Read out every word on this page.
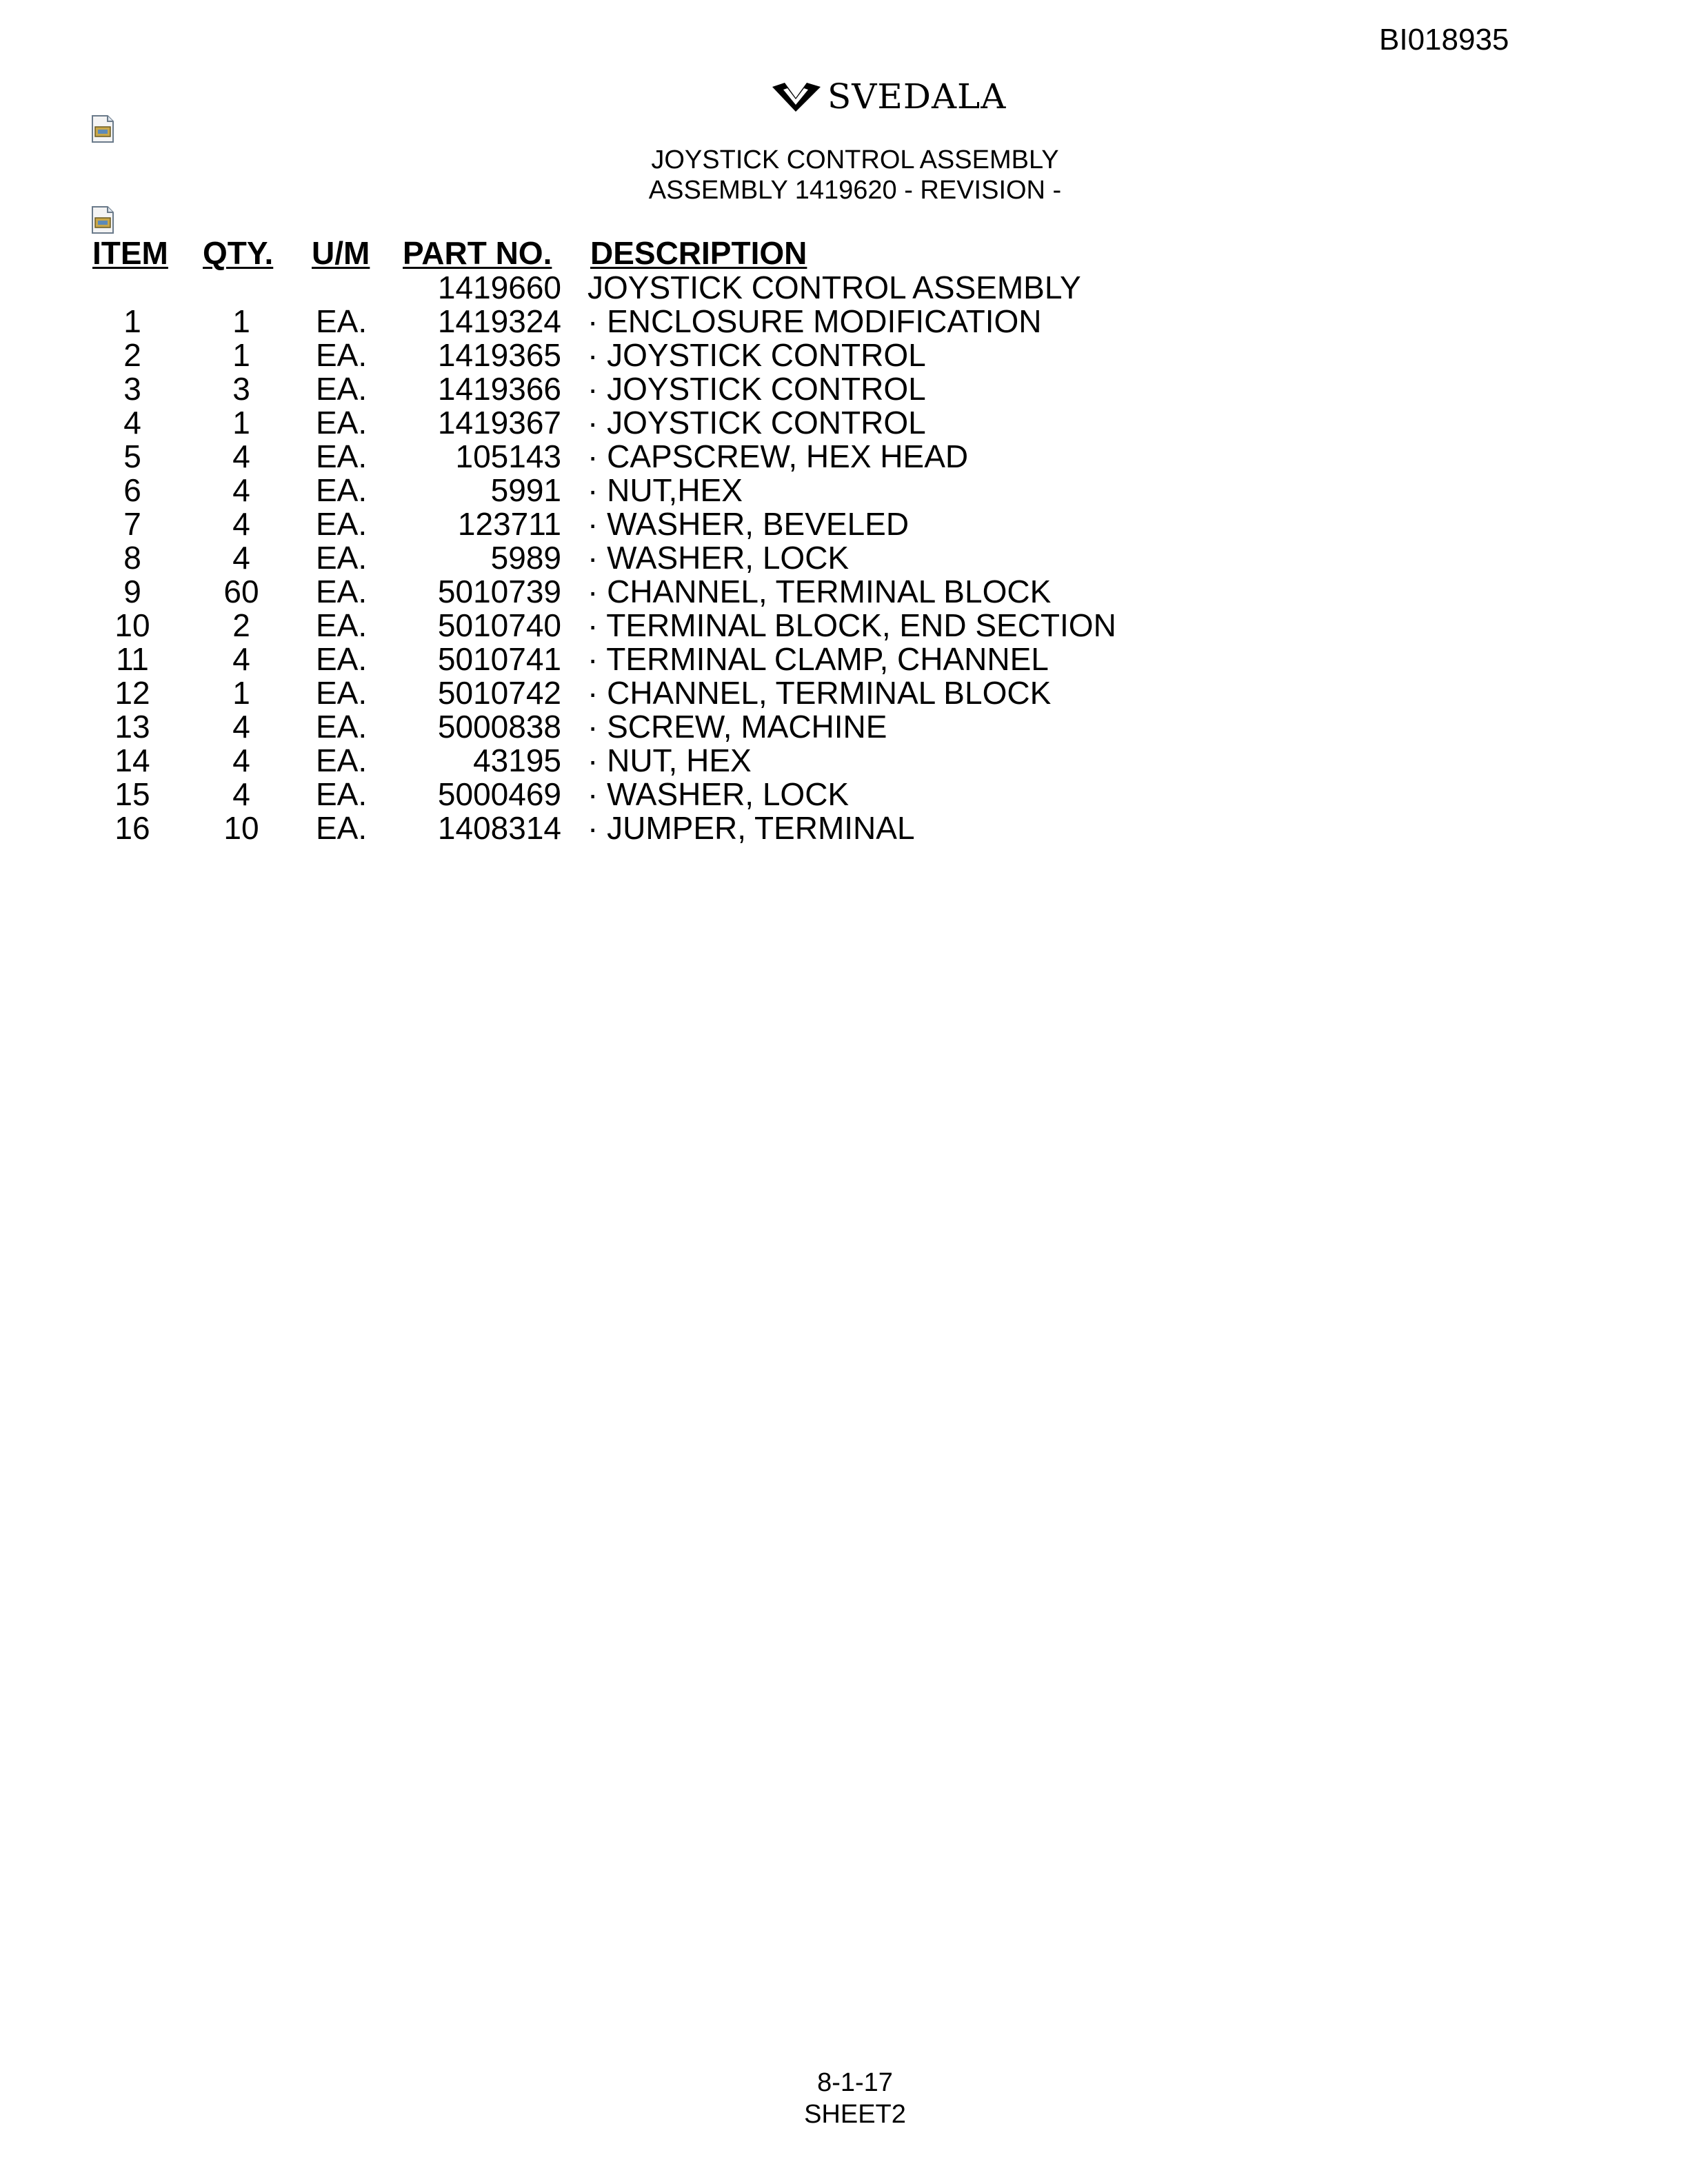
BI018935
SVEDALA
JOYSTICK CONTROL ASSEMBLY
ASSEMBLY 1419620 - REVISION -
ITEM QTY. U/M PART NO. DESCRIPTION
1419660 JOYSTICK CONTROL ASSEMBLY
1
2
3
4
5
6
7
8
9
10
11
12
13
14
15
16
1
1
3
1
4
4
4
4
60
2
4
1
4
4
4
10
EA.
EA.
EA.
EA.
EA.
EA.
EA.
EA.
EA.
EA.
EA.
EA.
EA.
EA.
EA.
EA.
1419324
1419365
1419366
1419367
105143
5991
123711
5989
5010739
5010740
5010741
5010742
5000838
43195
5000469
1408314
· ENCLOSURE MODIFICATION
· JOYSTICK CONTROL
· JOYSTICK CONTROL
· JOYSTICK CONTROL
· CAPSCREW, HEX HEAD
· NUT,HEX
· WASHER, BEVELED
· WASHER, LOCK
· CHANNEL, TERMINAL BLOCK
· TERMINAL BLOCK, END SECTION
· TERMINAL CLAMP, CHANNEL
· CHANNEL, TERMINAL BLOCK
· SCREW, MACHINE
· NUT, HEX
· WASHER, LOCK
· JUMPER, TERMINAL
8-1-17
SHEET2
